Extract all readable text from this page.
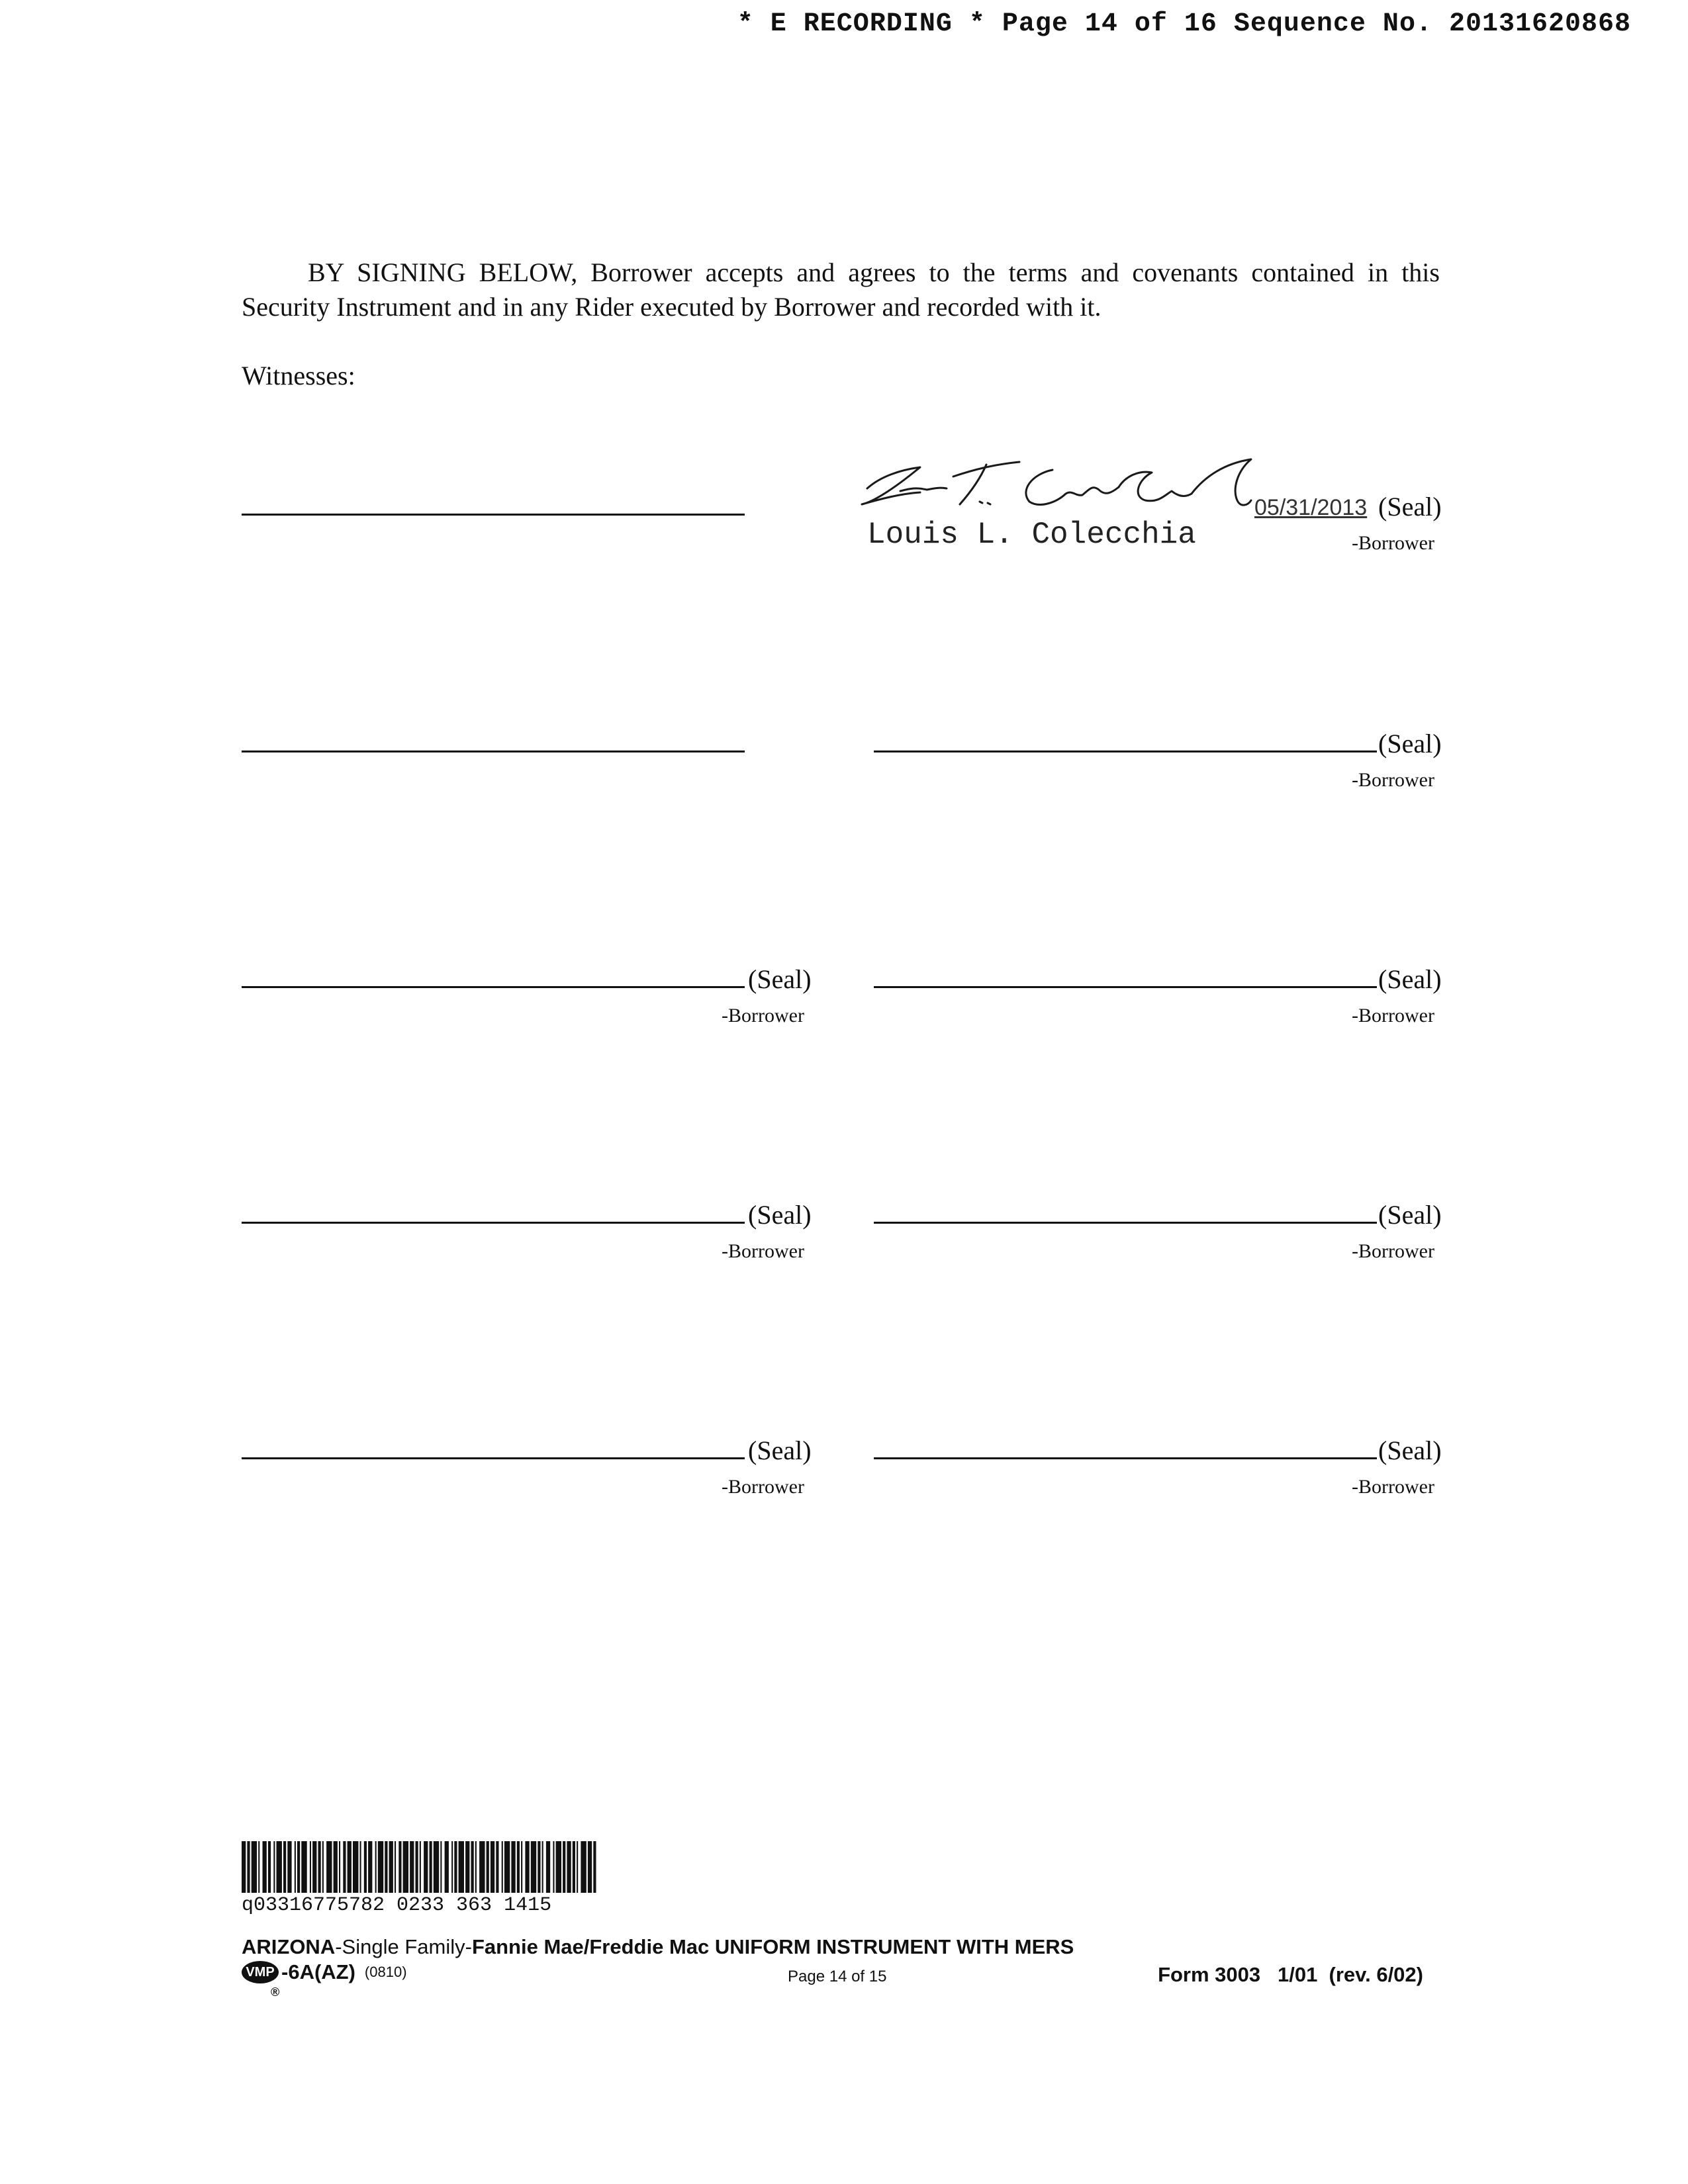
* E RECORDING * Page 14 of 16 Sequence No. 20131620868
BY SIGNING BELOW, Borrower accepts and agrees to the terms and covenants contained in this Security Instrument and in any Rider executed by Borrower and recorded with it.
Witnesses:
05/31/2013 (Seal)
Louis L. Colecchia	-Borrower
(Seal)
-Borrower
(Seal)
-Borrower
(Seal)
-Borrower
(Seal)
-Borrower
(Seal)
-Borrower
(Seal)
-Borrower
(Seal)
-Borrower
q03316775782 0233 363 1415
ARIZONA-Single Family-Fannie Mae/Freddie Mac UNIFORM INSTRUMENT WITH MERS
VMP
®
-6A(AZ) (0810)	Page 14 of 15	Form 3003   1/01  (rev. 6/02)
